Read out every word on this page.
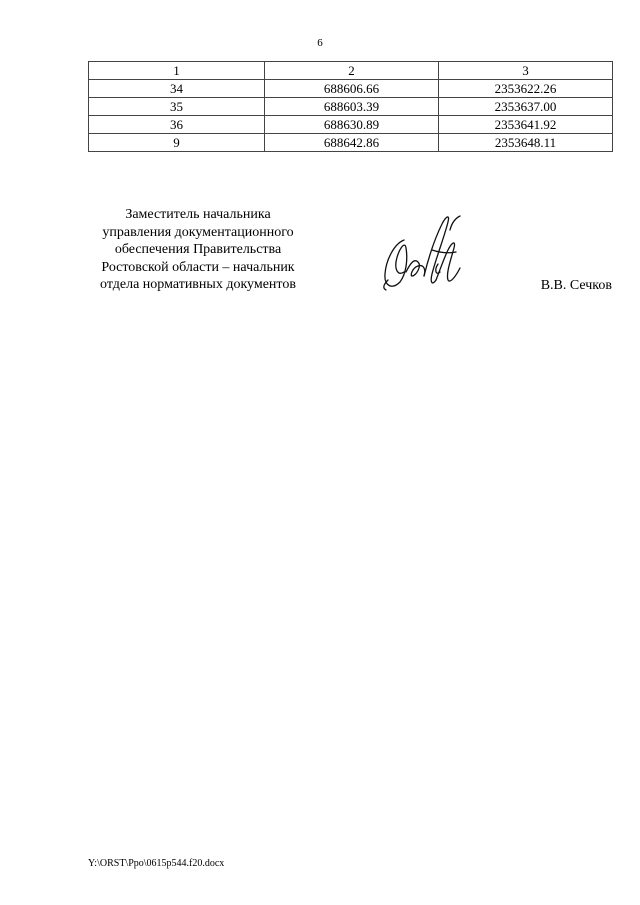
6
1	2	3
34	688606.66	2353622.26
35	688603.39	2353637.00
36	688630.89	2353641.92
9	688642.86	2353648.11
Заместитель начальника
управления документационного
обеспечения Правительства
Ростовской области – начальник
отдела нормативных документов	В.В. Сечков
Y:\ORST\Ppo\0615p544.f20.docx
